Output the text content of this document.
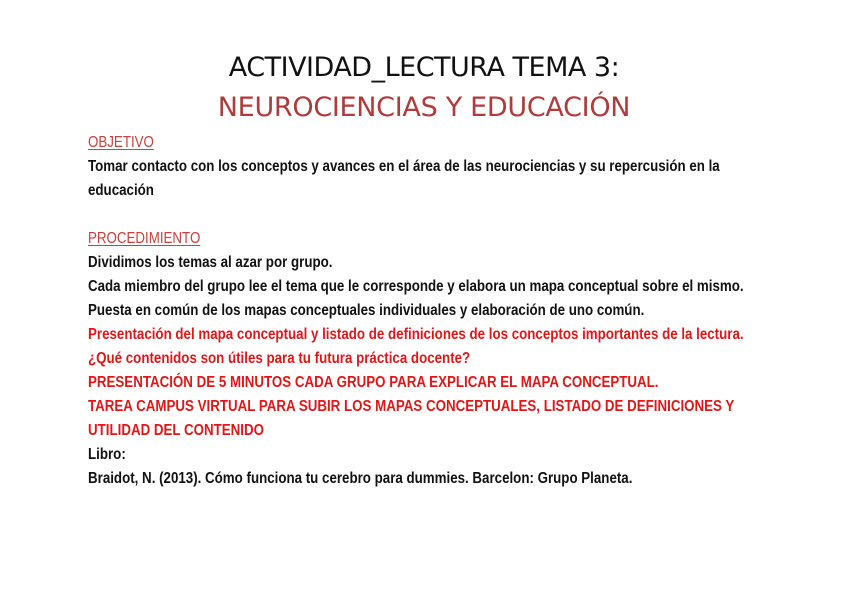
ACTIVIDAD_LECTURA TEMA 3:
NEUROCIENCIAS Y EDUCACIÓN

OBJETIVO

Tomar contacto con los conceptos y avances en el área de las neurociencias y su repercusión en la educación

PROCEDIMIENTO

Dividimos los temas al azar por grupo.

Cada miembro del grupo lee el tema que le corresponde y elabora un mapa conceptual sobre el mismo.

Puesta en común de los mapas conceptuales individuales y elaboración de uno común.

Presentación del mapa conceptual y listado de definiciones de los conceptos importantes de la lectura. ¿Qué contenidos son útiles para tu futura práctica docente?

PRESENTACIÓN DE 5 MINUTOS CADA GRUPO PARA EXPLICAR EL MAPA CONCEPTUAL.

TAREA CAMPUS VIRTUAL PARA SUBIR LOS MAPAS CONCEPTUALES, LISTADO DE DEFINICIONES Y UTILIDAD DEL CONTENIDO

Libro:

Braidot, N. (2013). Cómo funciona tu cerebro para dummies. Barcelon: Grupo Planeta.
